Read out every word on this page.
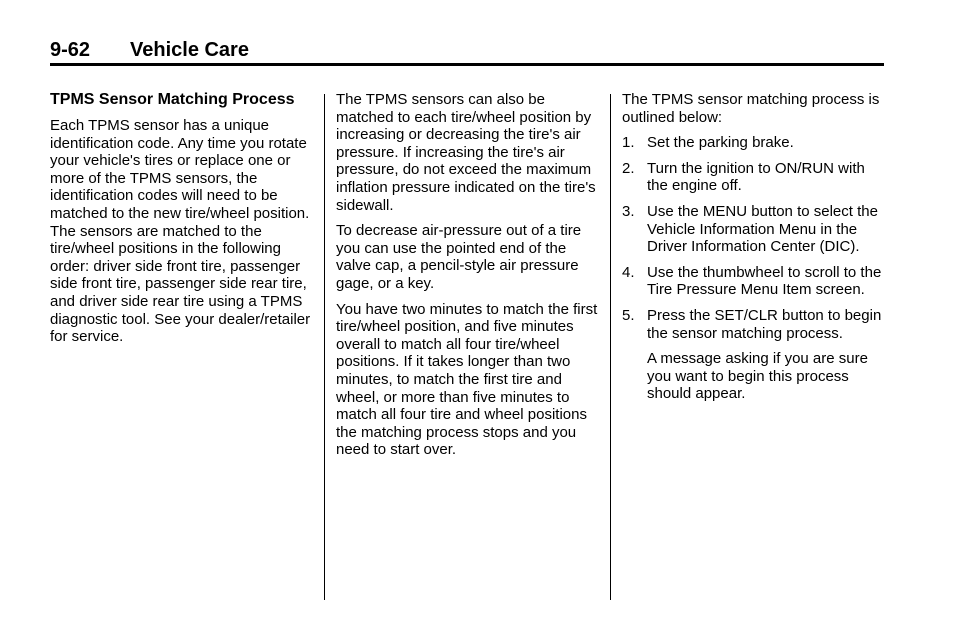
9-62 Vehicle Care
TPMS Sensor Matching Process

Each TPMS sensor has a unique identification code. Any time you rotate your vehicle's tires or replace one or more of the TPMS sensors, the identification codes will need to be matched to the new tire/wheel position. The sensors are matched to the tire/wheel positions in the following order: driver side front tire, passenger side front tire, passenger side rear tire, and driver side rear tire using a TPMS diagnostic tool. See your dealer/retailer for service.

The TPMS sensors can also be matched to each tire/wheel position by increasing or decreasing the tire's air pressure. If increasing the tire's air pressure, do not exceed the maximum inflation pressure indicated on the tire's sidewall.

To decrease air-pressure out of a tire you can use the pointed end of the valve cap, a pencil-style air pressure gage, or a key.

You have two minutes to match the first tire/wheel position, and five minutes overall to match all four tire/wheel positions. If it takes longer than two minutes, to match the first tire and wheel, or more than five minutes to match all four tire and wheel positions the matching process stops and you need to start over.

The TPMS sensor matching process is outlined below:

1. Set the parking brake.
2. Turn the ignition to ON/RUN with the engine off.
3. Use the MENU button to select the Vehicle Information Menu in the Driver Information Center (DIC).
4. Use the thumbwheel to scroll to the Tire Pressure Menu Item screen.
5. Press the SET/CLR button to begin the sensor matching process.

A message asking if you are sure you want to begin this process should appear.
